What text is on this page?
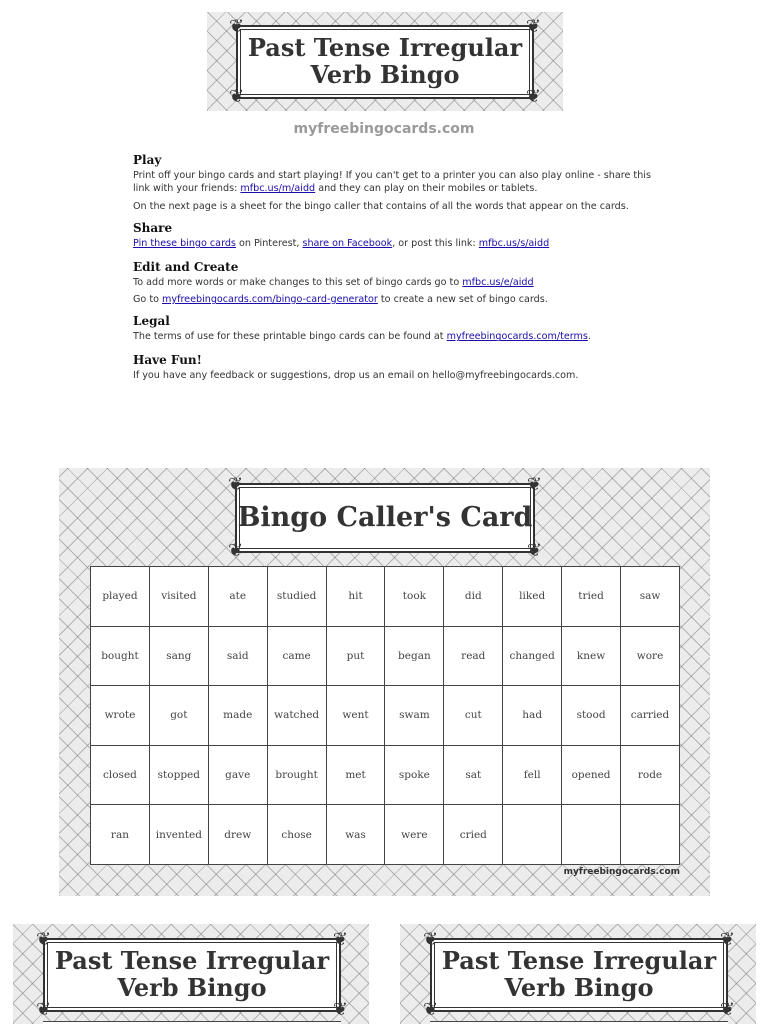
❦	❦
❦	❦
Past Tense Irregular
Verb Bingo
myfreebingocards.com
Play

Print off your bingo cards and start playing! If you can't get to a printer you can also play online - share this link with your friends: mfbc.us/m/aidd and they can play on their mobiles or tablets.

On the next page is a sheet for the bingo caller that contains of all the words that appear on the cards.

Share

Pin these bingo cards on Pinterest, share on Facebook, or post this link: mfbc.us/s/aidd

Edit and Create

To add more words or make changes to this set of bingo cards go to mfbc.us/e/aidd

Go to myfreebingocards.com/bingo-card-generator to create a new set of bingo cards.

Legal

The terms of use for these printable bingo cards can be found at myfreebingocards.com/terms.

Have Fun!

If you have any feedback or suggestions, drop us an email on hello@myfreebingocards.com.

❦	❦
❦	❦
Bingo Caller's Card
played	visited	ate	studied	hit	took	did	liked	tried	saw
bought	sang	said	came	put	began	read	changed	knew	wore
wrote	got	made	watched	went	swam	cut	had	stood	carried
closed	stopped	gave	brought	met	spoke	sat	fell	opened	rode
ran	invented	drew	chose	was	were	cried			
myfreebingocards.com
❦	❦
❦	❦
Past Tense Irregular
Verb Bingo
❦	❦
❦	❦
Past Tense Irregular
Verb Bingo
